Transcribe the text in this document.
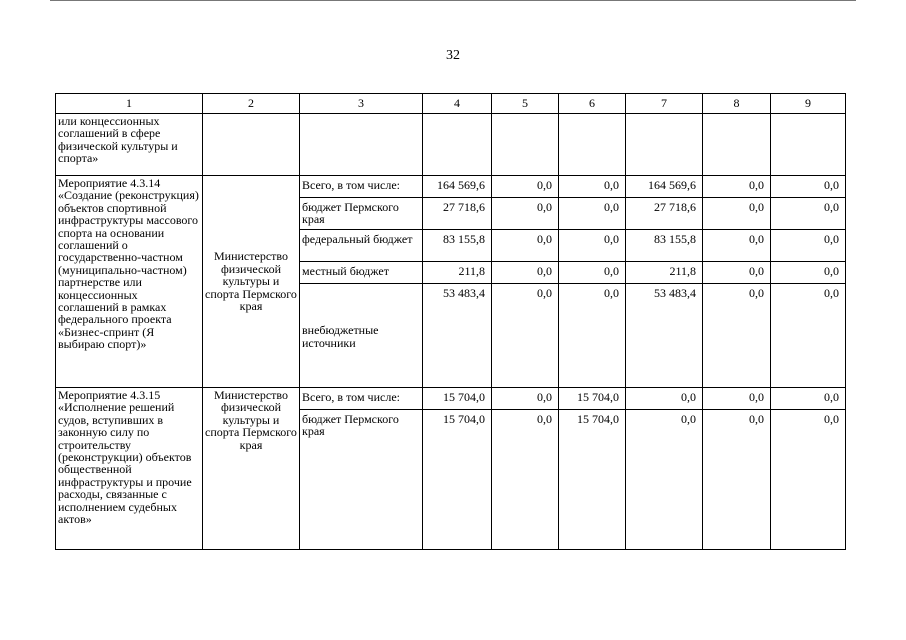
32
1	2	3	4	5	6	7	8	9
или концессионных соглашений в сфере физической культуры и спорта»								
Мероприятие 4.3.14 «Создание (реконструкция) объектов спортивной инфраструктуры массового спорта на основании соглашений о государственно-частном (муниципально-частном) партнерстве или концессионных соглашений в рамках федерального проекта «Бизнес-спринт (Я выбираю спорт)»	Министерство физической культуры и спорта Пермского края	Всего, в том числе:	164 569,6	0,0	0,0	164 569,6	0,0	0,0
		бюджет Пермского края	27 718,6	0,0	0,0	27 718,6	0,0	0,0
		федеральный бюджет	83 155,8	0,0	0,0	83 155,8	0,0	0,0
		местный бюджет	211,8	0,0	0,0	211,8	0,0	0,0
		внебюджетные источники	53 483,4	0,0	0,0	53 483,4	0,0	0,0
Мероприятие 4.3.15 «Исполнение решений судов, вступивших в законную силу по строительству (реконструкции) объектов общественной инфраструктуры и прочие расходы, связанные с исполнением судебных актов»	Министерство физической культуры и спорта Пермского края	Всего, в том числе:	15 704,0	0,0	15 704,0	0,0	0,0	0,0
		бюджет Пермского края	15 704,0	0,0	15 704,0	0,0	0,0	0,0
